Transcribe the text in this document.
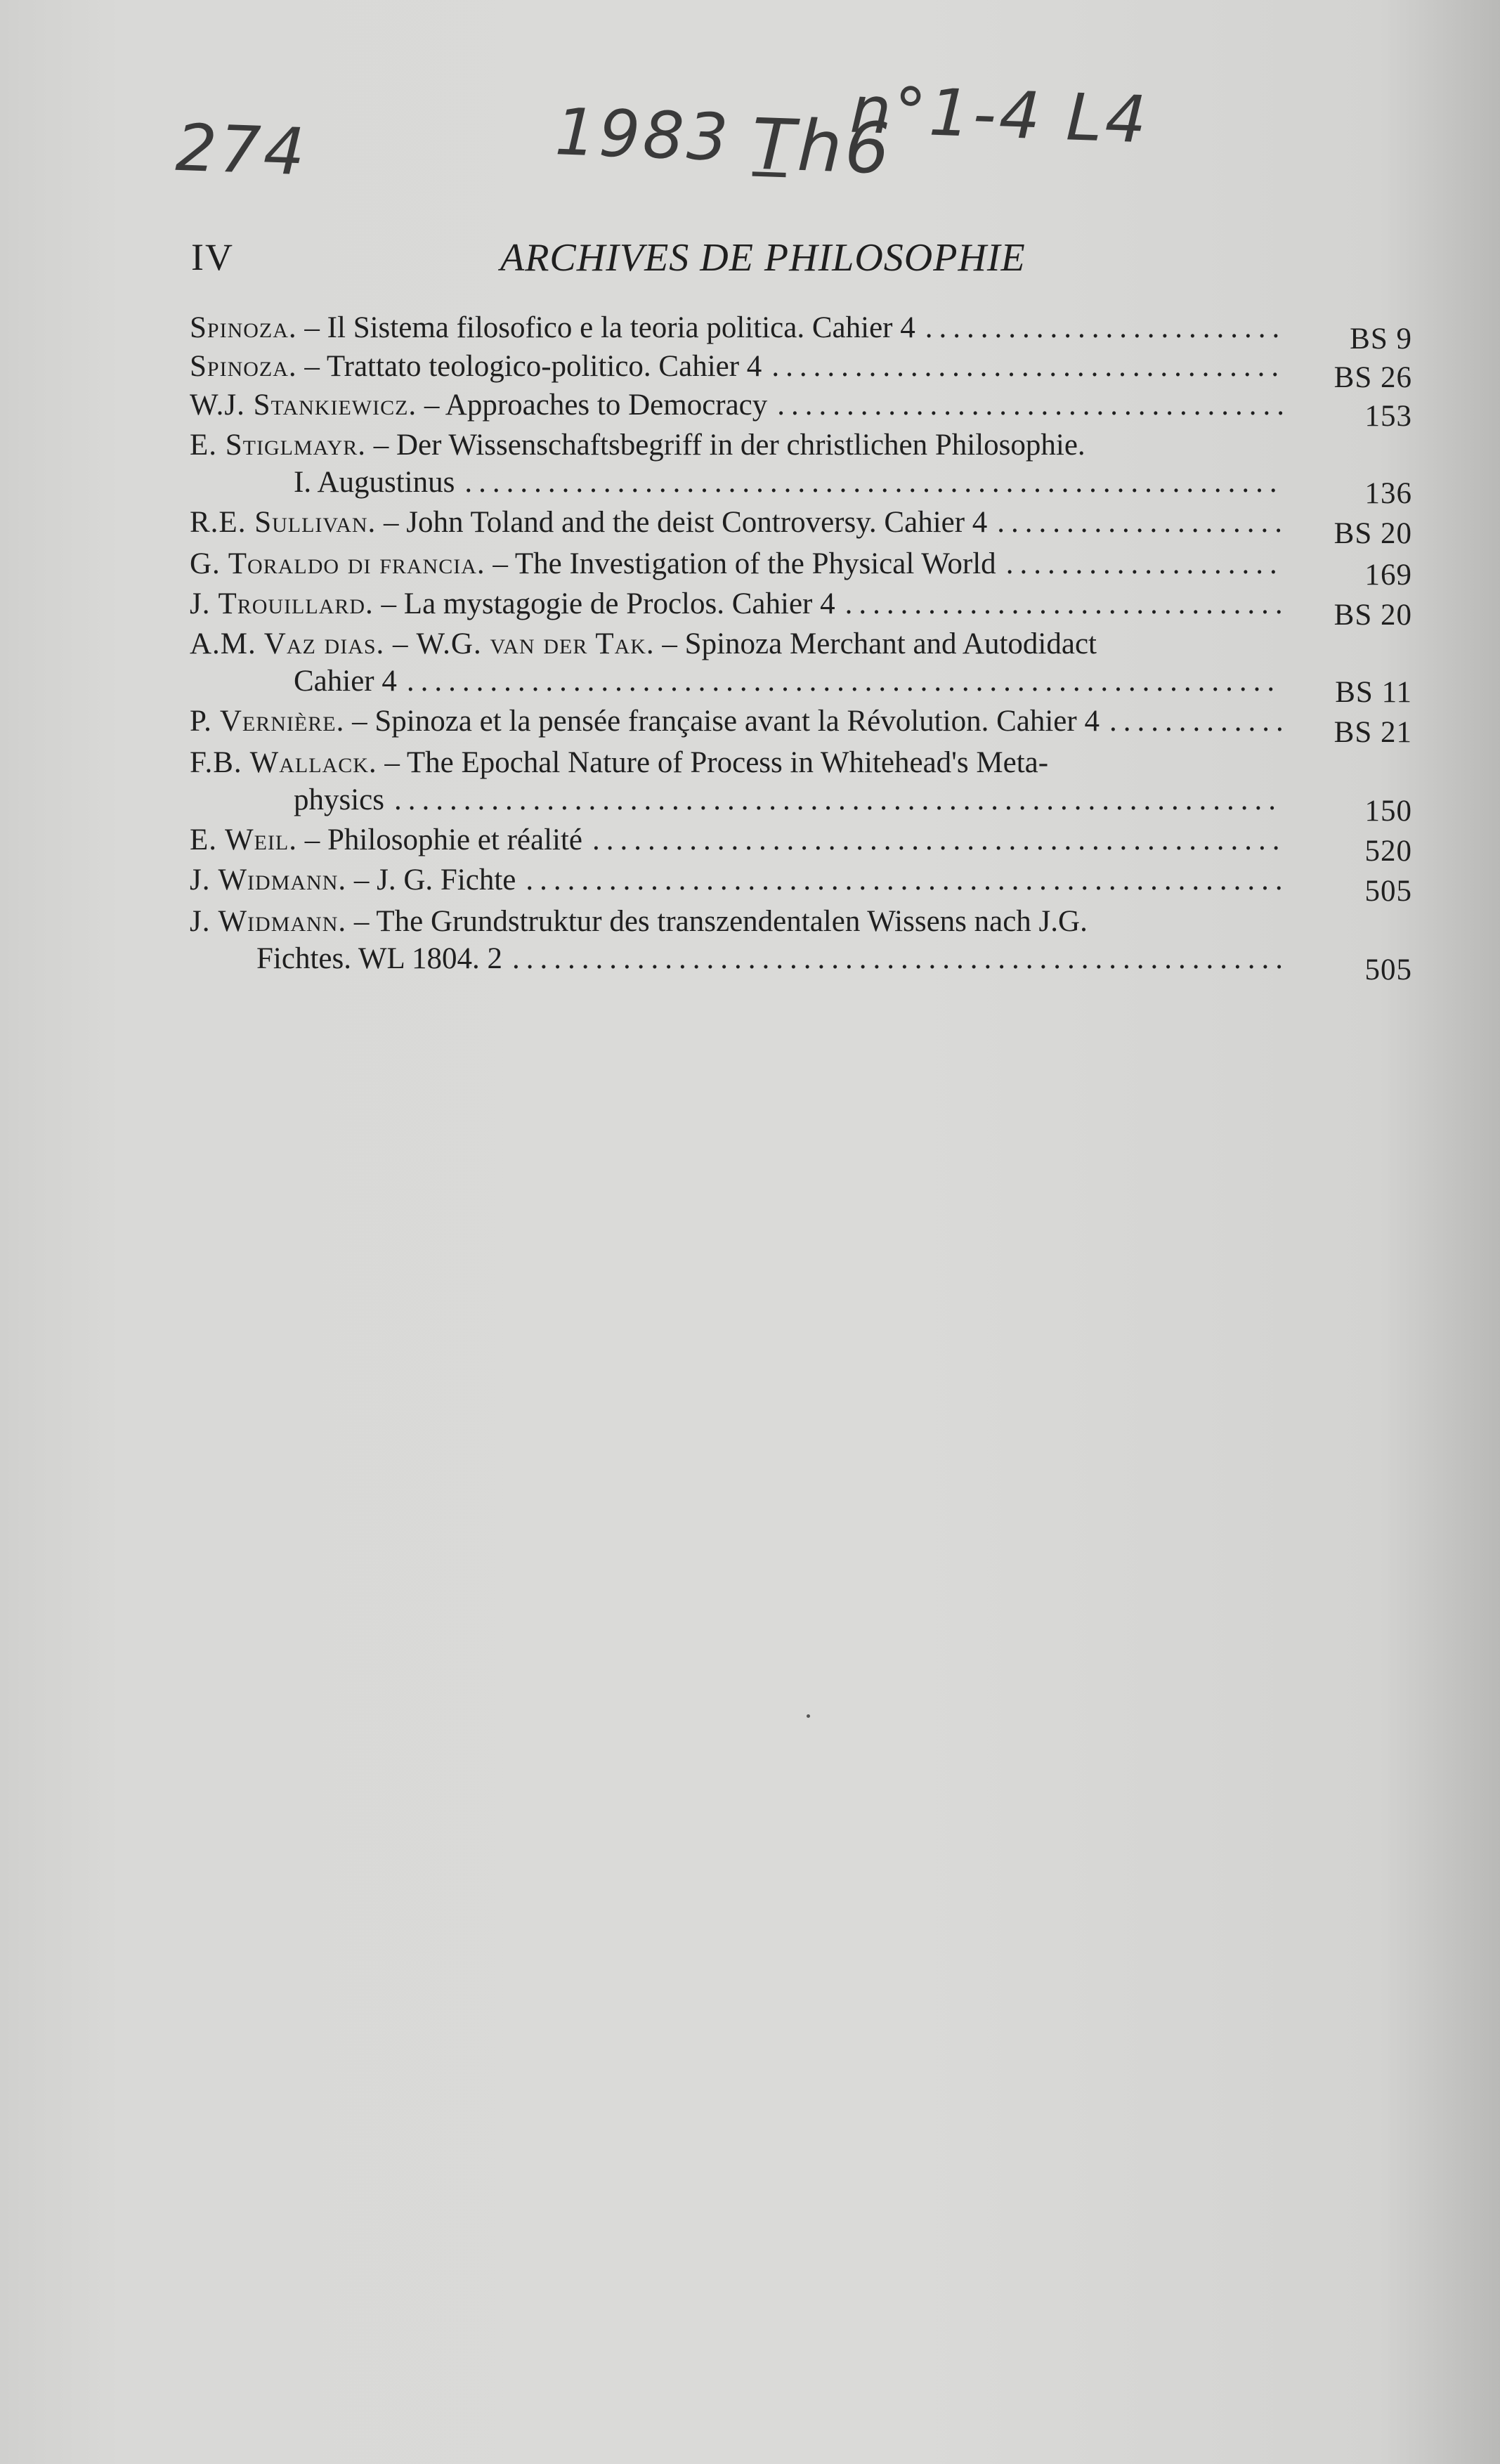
274	1983 _
Th6
n°1-4 L4
IV	ARCHIVES DE PHILOSOPHIE
Spinoza. – Il Sistema filosofico e la teoria politica. Cahier 4 ..........................	BS 9
Spinoza. – Trattato teologico-politico. Cahier 4 .....................................	BS 26
W.J. Stankiewicz. – Approaches to Democracy .....................................	153
E. Stiglmayr. – Der Wissenschaftsbegriff in der christlichen Philosophie.
I. Augustinus ...........................................................	136
R.E. Sullivan. – John Toland and the deist Controversy. Cahier 4 .....................	BS 20
G. Toraldo di francia. – The Investigation of the Physical World ....................	169
J. Trouillard. – La mystagogie de Proclos. Cahier 4 ................................	BS 20
A.M. Vaz dias. – W.G. van der Tak. – Spinoza Merchant and Autodidact
Cahier 4 ...............................................................	BS 11
P. Vernière. – Spinoza et la pensée française avant la Révolution. Cahier 4 .............	BS 21
F.B. Wallack. – The Epochal Nature of Process in Whitehead's Meta-
physics ................................................................	150
E. Weil. – Philosophie et réalité ..................................................	520
J. Widmann. – J. G. Fichte .......................................................	505
J. Widmann. – The Grundstruktur des transzendentalen Wissens nach J.G.
Fichtes. WL 1804. 2 ........................................................	505
